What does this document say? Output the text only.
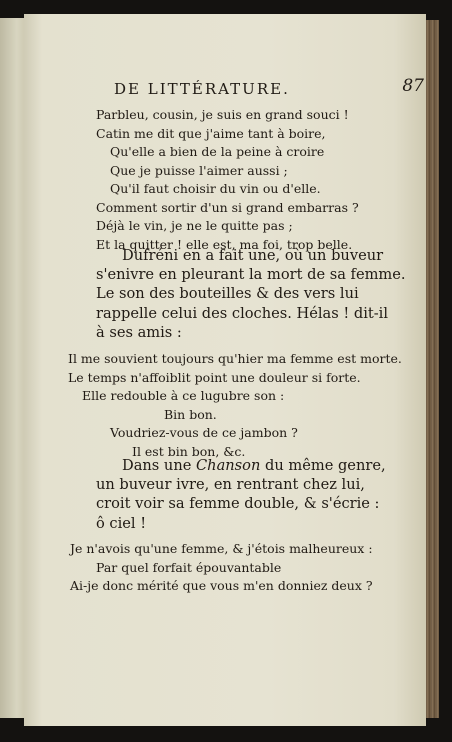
DE LITTÉRATURE.	87
Parbleu, cousin, je suis en grand souci !
Catin me dit que j'aime tant à boire,
Qu'elle a bien de la peine à croire
Que je puisse l'aimer aussi ;
Qu'il faut choisir du vin ou d'elle.
Comment sortir d'un si grand embarras ?
Déjà le vin, je ne le quitte pas ;
Et la quitter ! elle est, ma foi, trop belle.
Dufréni en a fait une, où un buveur
s'enivre en pleurant la mort de sa femme.
Le son des bouteilles & des vers lui
rappelle celui des cloches. Hélas ! dit-il
à ses amis :
Il me souvient toujours qu'hier ma femme est morte.
Le temps n'affoiblit point une douleur si forte.
Elle redouble à ce lugubre son :
Bin bon.
Voudriez-vous de ce jambon ?
Il est bin bon, &c.
Dans une Chanson du même genre,
un buveur ivre, en rentrant chez lui,
croit voir sa femme double, & s'écrie :
ô ciel !
Je n'avois qu'une femme, & j'étois malheureux :
Par quel forfait épouvantable
Ai-je donc mérité que vous m'en donniez deux ?
